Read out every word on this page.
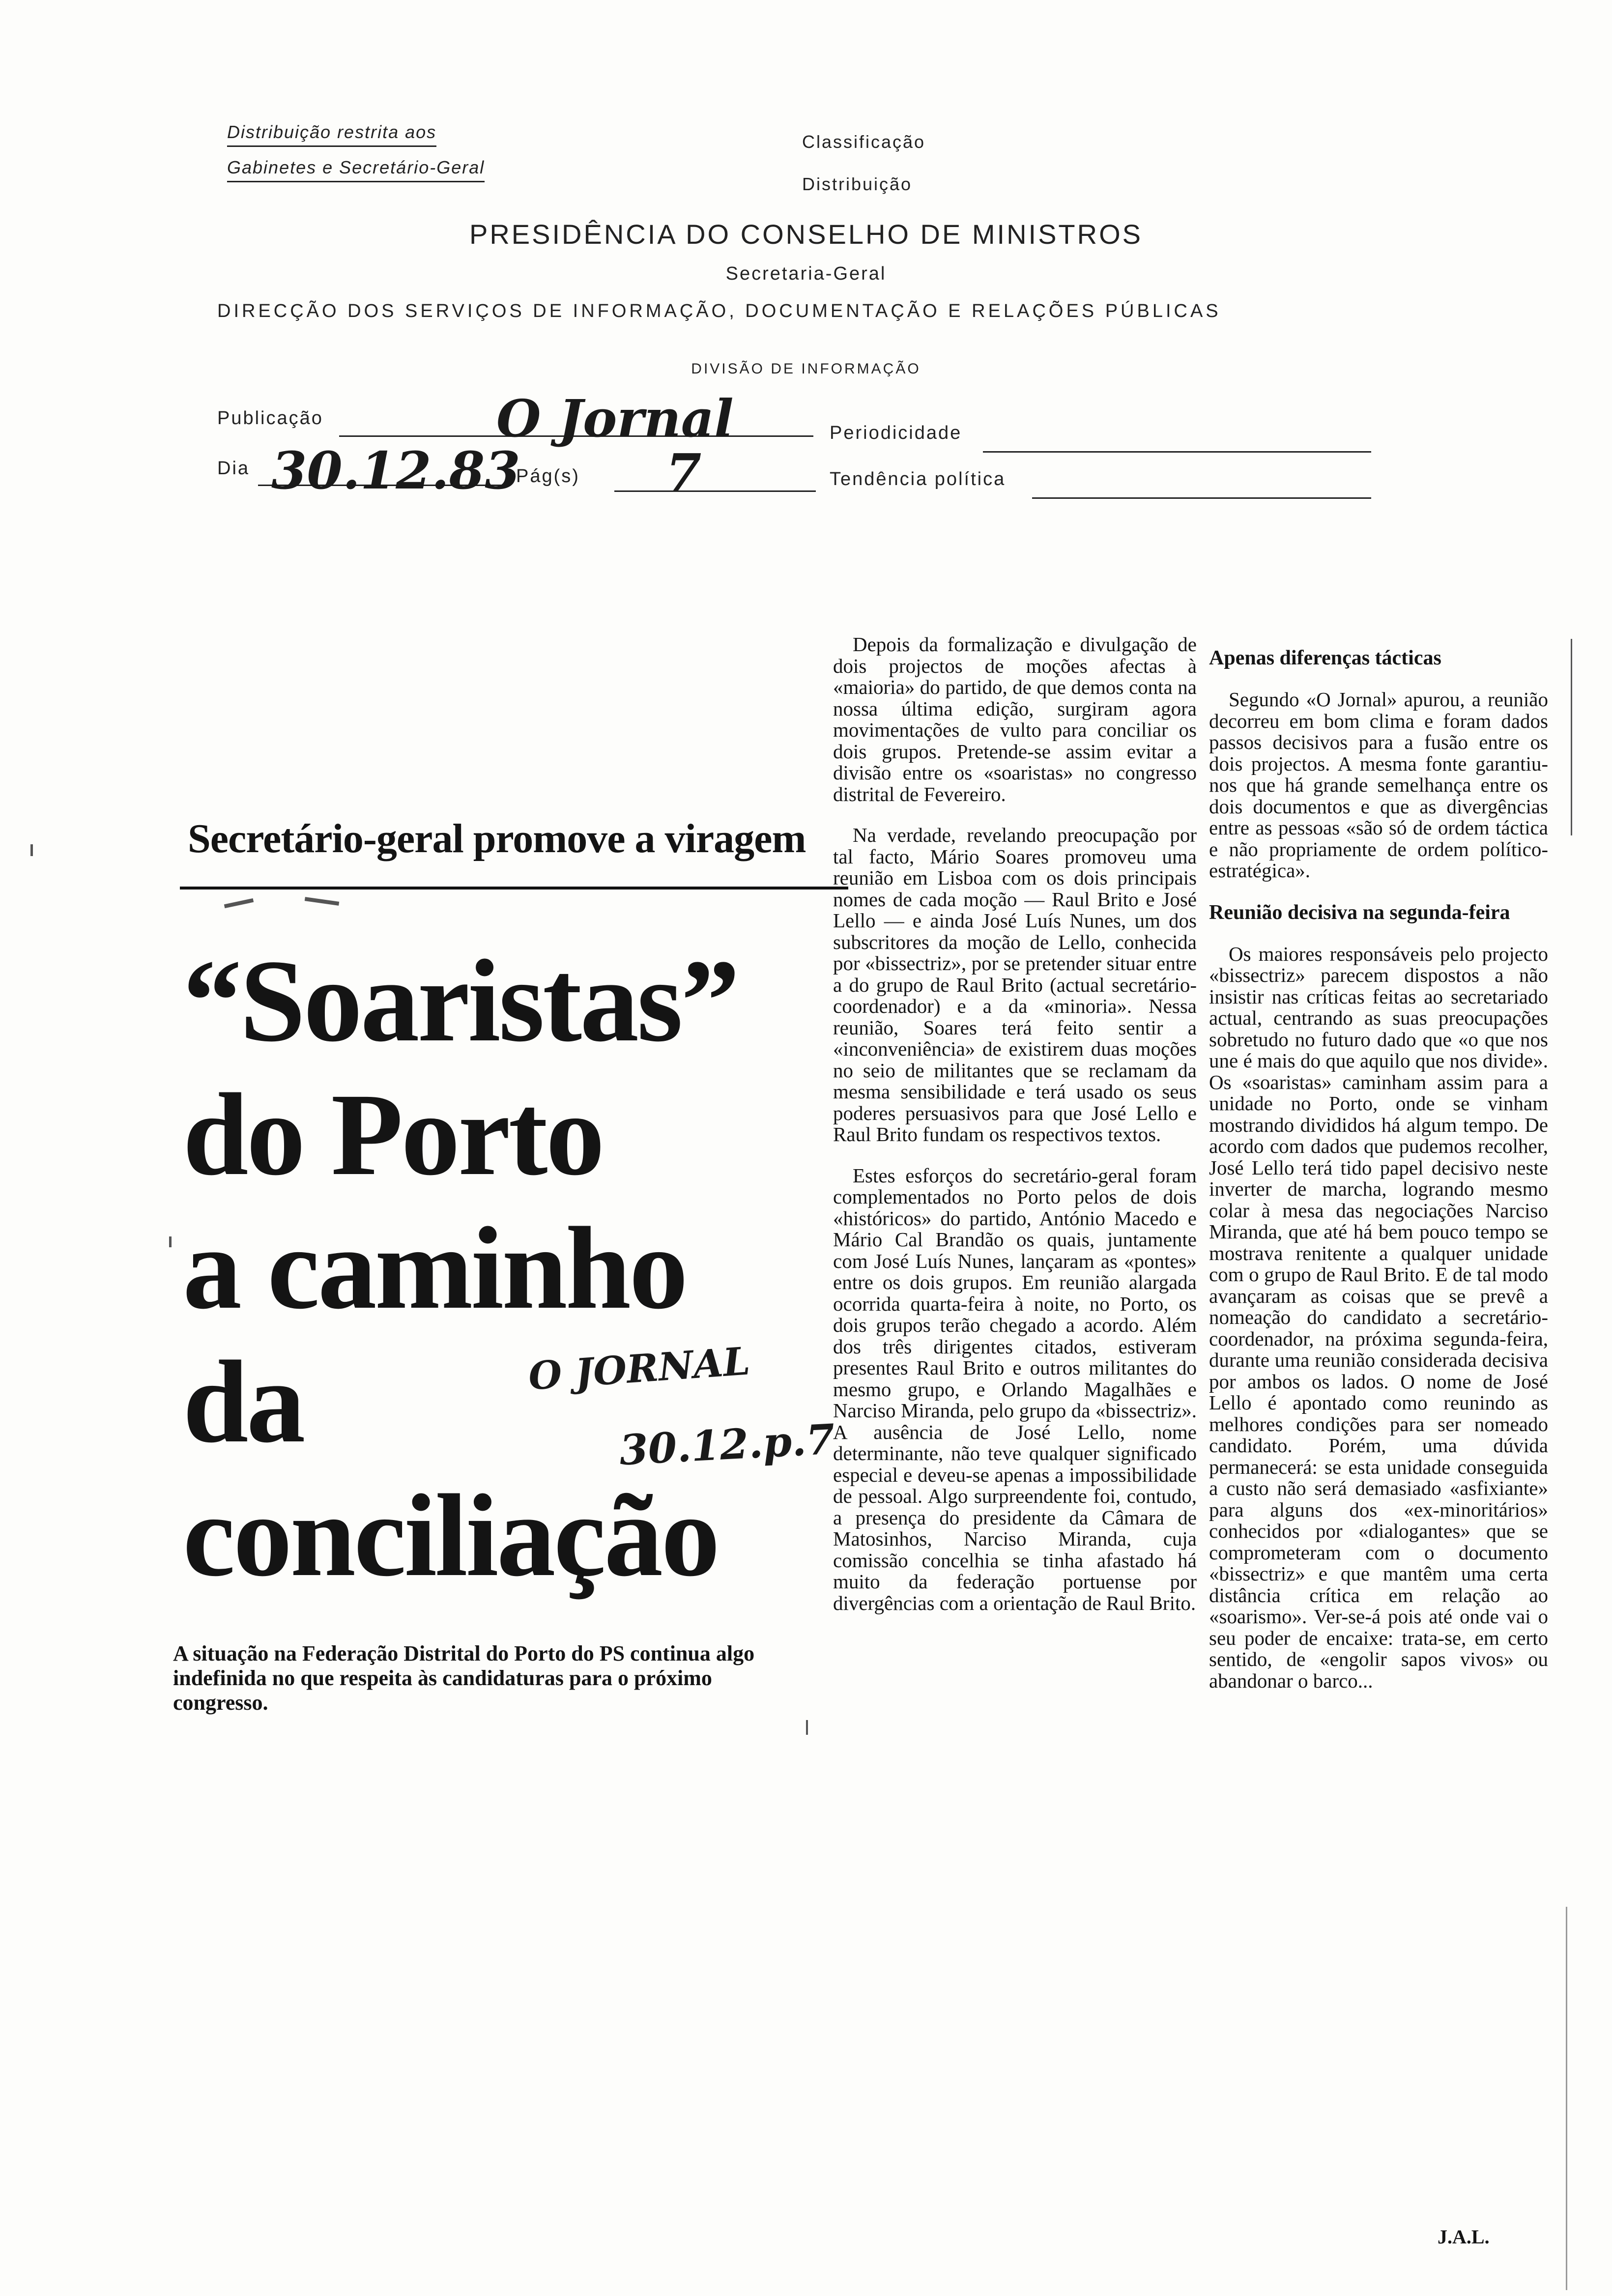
Distribuição restrita aos
Gabinetes e Secretário-Geral
Classificação
Distribuição
PRESIDÊNCIA DO CONSELHO DE MINISTROS
Secretaria-Geral
DIRECÇÃO DOS SERVIÇOS DE INFORMAÇÃO, DOCUMENTAÇÃO E RELAÇÕES PÚBLICAS
DIVISÃO DE INFORMAÇÃO
Publicação	O Jornal	Periodicidade
Dia 30.12.83
Pág(s) 7	Tendência política
Secretário-geral promove a viragem
“Soaristas”
do Porto
a caminho
da
conciliação
O JORNAL
30.12.p.7
A situação na Federação Distrital do Porto do PS continua algo indefinida no que respeita às candidaturas para o próximo congresso.

Depois da formalização e divulgação de dois projectos de moções afectas à «maioria» do partido, de que demos conta na nossa última edição, surgiram agora movimentações de vulto para conciliar os dois grupos. Pretende-se assim evitar a divisão entre os «soaristas» no congresso distrital de Fevereiro.

Na verdade, revelando preocupação por tal facto, Mário Soares promoveu uma reunião em Lisboa com os dois principais nomes de cada moção — Raul Brito e José Lello — e ainda José Luís Nunes, um dos subscritores da moção de Lello, conhecida por «bissectriz», por se pretender situar entre a do grupo de Raul Brito (actual secretário-coordenador) e a da «minoria». Nessa reunião, Soares terá feito sentir a «inconveniência» de existirem duas moções no seio de militantes que se reclamam da mesma sensibilidade e terá usado os seus poderes persuasivos para que José Lello e Raul Brito fundam os respectivos textos.

Estes esforços do secretário-geral foram complementados no Porto pelos de dois «históricos» do partido, António Macedo e Mário Cal Brandão os quais, juntamente com José Luís Nunes, lançaram as «pontes» entre os dois grupos. Em reunião alargada ocorrida quarta-feira à noite, no Porto, os dois grupos terão chegado a acordo. Além dos três dirigentes citados, estiveram presentes Raul Brito e outros militantes do mesmo grupo, e Orlando Magalhães e Narciso Miranda, pelo grupo da «bissectriz». A ausência de José Lello, nome determinante, não teve qualquer significado especial e deveu-se apenas a impossibilidade de pessoal. Algo surpreendente foi, contudo, a presença do presidente da Câmara de Matosinhos, Narciso Miranda, cuja comissão concelhia se tinha afastado há muito da federação portuense por divergências com a orientação de Raul Brito.

Apenas diferenças tácticas

Segundo «O Jornal» apurou, a reunião decorreu em bom clima e foram dados passos decisivos para a fusão entre os dois projectos. A mesma fonte garantiu-nos que há grande semelhança entre os dois documentos e que as divergências entre as pessoas «são só de ordem táctica e não propriamente de ordem político-estratégica».

Reunião decisiva na segunda-feira

Os maiores responsáveis pelo projecto «bissectriz» parecem dispostos a não insistir nas críticas feitas ao secretariado actual, centrando as suas preocupações sobretudo no futuro dado que «o que nos une é mais do que aquilo que nos divide». Os «soaristas» caminham assim para a unidade no Porto, onde se vinham mostrando divididos há algum tempo. De acordo com dados que pudemos recolher, José Lello terá tido papel decisivo neste inverter de marcha, logrando mesmo colar à mesa das negociações Narciso Miranda, que até há bem pouco tempo se mostrava renitente a qualquer unidade com o grupo de Raul Brito. E de tal modo avançaram as coisas que se prevê a nomeação do candidato a secretário-coordenador, na próxima segunda-feira, durante uma reunião considerada decisiva por ambos os lados. O nome de José Lello é apontado como reunindo as melhores condições para ser nomeado candidato. Porém, uma dúvida permanecerá: se esta unidade conseguida a custo não será demasiado «asfixiante» para alguns dos «ex-minoritários» conhecidos por «dialogantes» que se comprometeram com o documento «bissectriz» e que mantêm uma certa distância crítica em relação ao «soarismo». Ver-se-á pois até onde vai o seu poder de encaixe: trata-se, em certo sentido, de «engolir sapos vivos» ou abandonar o barco...

J.A.L.
